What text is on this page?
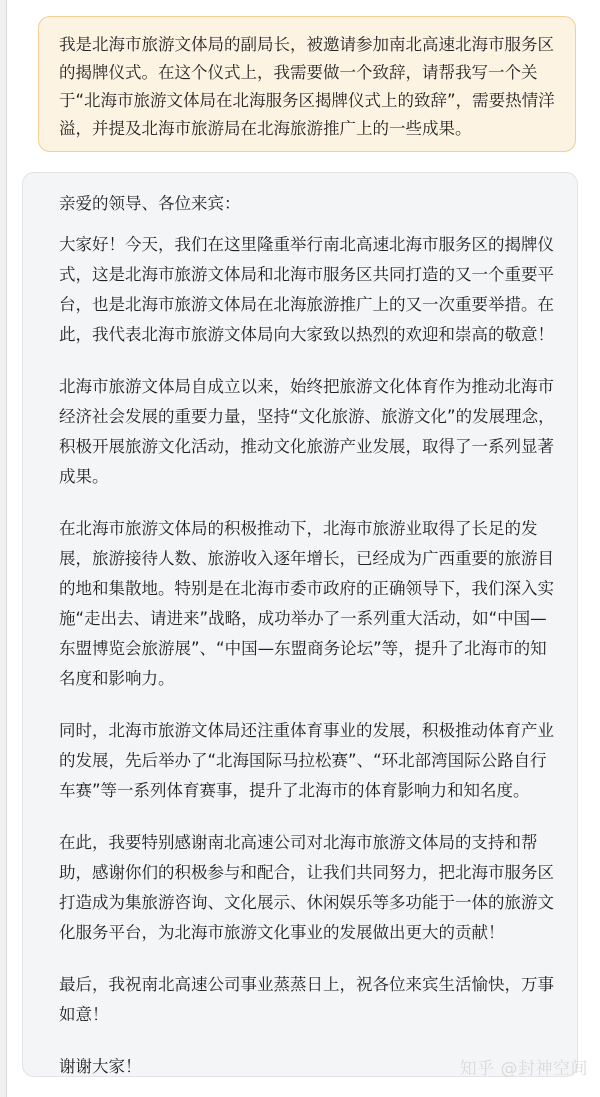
我是北海市旅游文体局的副局长，被邀请参加南北高速北海市服务区的揭牌仪式。在这个仪式上，我需要做一个致辞，请帮我写一个关于“北海市旅游文体局在北海服务区揭牌仪式上的致辞”，需要热情洋溢，并提及北海市旅游局在北海旅游推广上的一些成果。

亲爱的领导、各位来宾：

大家好！今天，我们在这里隆重举行南北高速北海市服务区的揭牌仪式，这是北海市旅游文体局和北海市服务区共同打造的又一个重要平台，也是北海市旅游文体局在北海旅游推广上的又一次重要举措。在此，我代表北海市旅游文体局向大家致以热烈的欢迎和崇高的敬意！

北海市旅游文体局自成立以来，始终把旅游文化体育作为推动北海市经济社会发展的重要力量，坚持“文化旅游、旅游文化”的发展理念，积极开展旅游文化活动，推动文化旅游产业发展，取得了一系列显著成果。

在北海市旅游文体局的积极推动下，北海市旅游业取得了长足的发展，旅游接待人数、旅游收入逐年增长，已经成为广西重要的旅游目的地和集散地。特别是在北海市委市政府的正确领导下，我们深入实施“走出去、请进来”战略，成功举办了一系列重大活动，如“中国—东盟博览会旅游展”、“中国—东盟商务论坛”等，提升了北海市的知名度和影响力。

同时，北海市旅游文体局还注重体育事业的发展，积极推动体育产业的发展，先后举办了“北海国际马拉松赛”、“环北部湾国际公路自行车赛”等一系列体育赛事，提升了北海市的体育影响力和知名度。

在此，我要特别感谢南北高速公司对北海市旅游文体局的支持和帮助，感谢你们的积极参与和配合，让我们共同努力，把北海市服务区打造成为集旅游咨询、文化展示、休闲娱乐等多功能于一体的旅游文化服务平台，为北海市旅游文化事业的发展做出更大的贡献！

最后，我祝南北高速公司事业蒸蒸日上，祝各位来宾生活愉快，万事如意！

谢谢大家！	知乎 @封神空间
